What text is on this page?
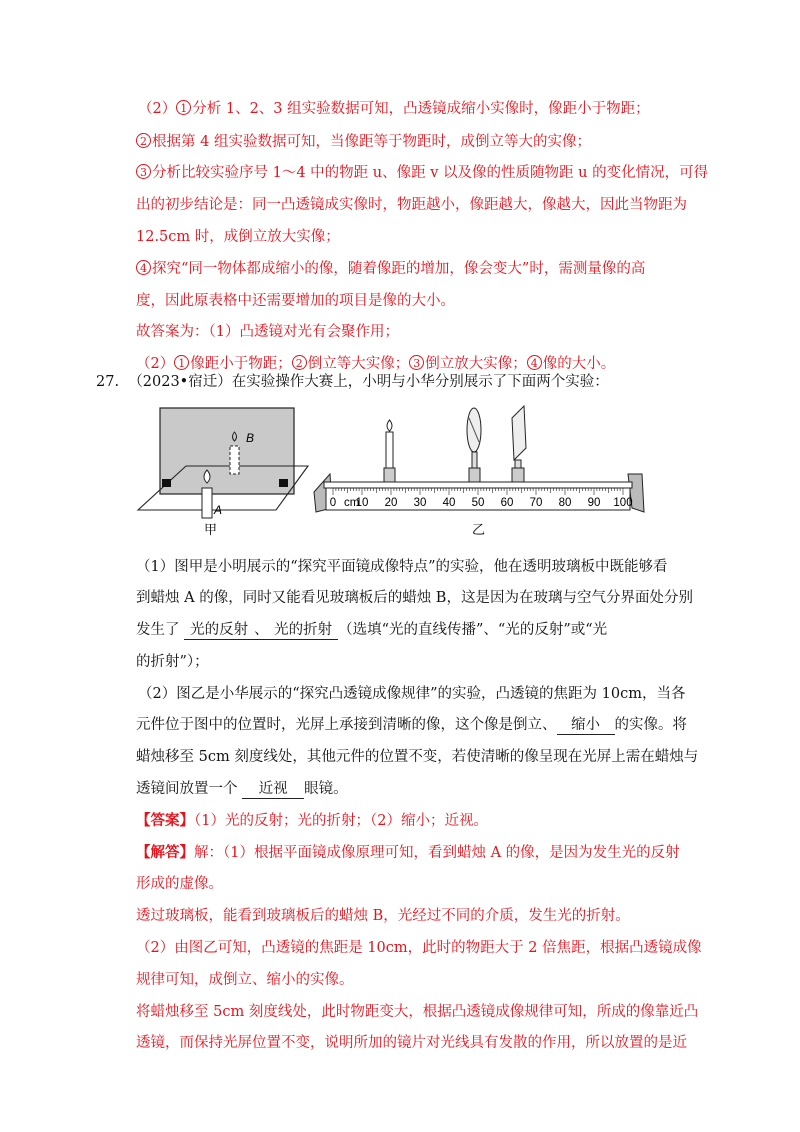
（2） 1 分析 1、2、3 组实验数据可知，凸透镜成缩小实像时，像距小于物距；
2 根据第 4 组实验数据可知，当像距等于物距时，成倒立等大的实像；
3 分析比较实验序号 1～4 中的物距 u、像距 v 以及像的性质随物距 u 的变化情况，可得
出的初步结论是：同一凸透镜成实像时，物距越小，像距越大，像越大，因此当物距为
12.5cm 时，成倒立放大实像；
4 探究“同一物体都成缩小的像，随着像距的增加，像会变大”时，需测量像的高
度，因此原表格中还需要增加的项目是像的大小。
故答案为：（1）凸透镜对光有会聚作用；
（2） 1 像距小于物距； 2 倒立等大实像； 3 倒立放大实像； 4 像的大小。
27. （2023•宿迁）在实验操作大赛上，小明与小华分别展示了下面两个实验：
B
A
甲
0 cm
10 20 30 40 50 60 70 80 90 100
乙
（1）图甲是小明展示的“探究平面镜成像特点”的实验，他在透明玻璃板中既能够看
到蜡烛 A 的像，同时又能看见玻璃板后的蜡烛 B，这是因为在玻璃与空气分界面处分别
发生了 光的反射 、 光的折射 （选填“光的直线传播”、“光的反射”或“光
的折射”）；
（2）图乙是小华展示的“探究凸透镜成像规律”的实验，凸透镜的焦距为 10cm，当各
元件位于图中的位置时，光屏上承接到清晰的像，这个像是倒立、 缩小 的实像。将
蜡烛移至 5cm 刻度线处，其他元件的位置不变，若使清晰的像呈现在光屏上需在蜡烛与
透镜间放置一个 近视 眼镜。
【答案】（1）光的反射；光的折射；（2）缩小；近视。
【解答】解：（1）根据平面镜成像原理可知，看到蜡烛 A 的像，是因为发生光的反射
形成的虚像。
透过玻璃板，能看到玻璃板后的蜡烛 B，光经过不同的介质，发生光的折射。
（2）由图乙可知，凸透镜的焦距是 10cm，此时的物距大于 2 倍焦距，根据凸透镜成像
规律可知，成倒立、缩小的实像。
将蜡烛移至 5cm 刻度线处，此时物距变大，根据凸透镜成像规律可知，所成的像靠近凸
透镜，而保持光屏位置不变，说明所加的镜片对光线具有发散的作用，所以放置的是近
